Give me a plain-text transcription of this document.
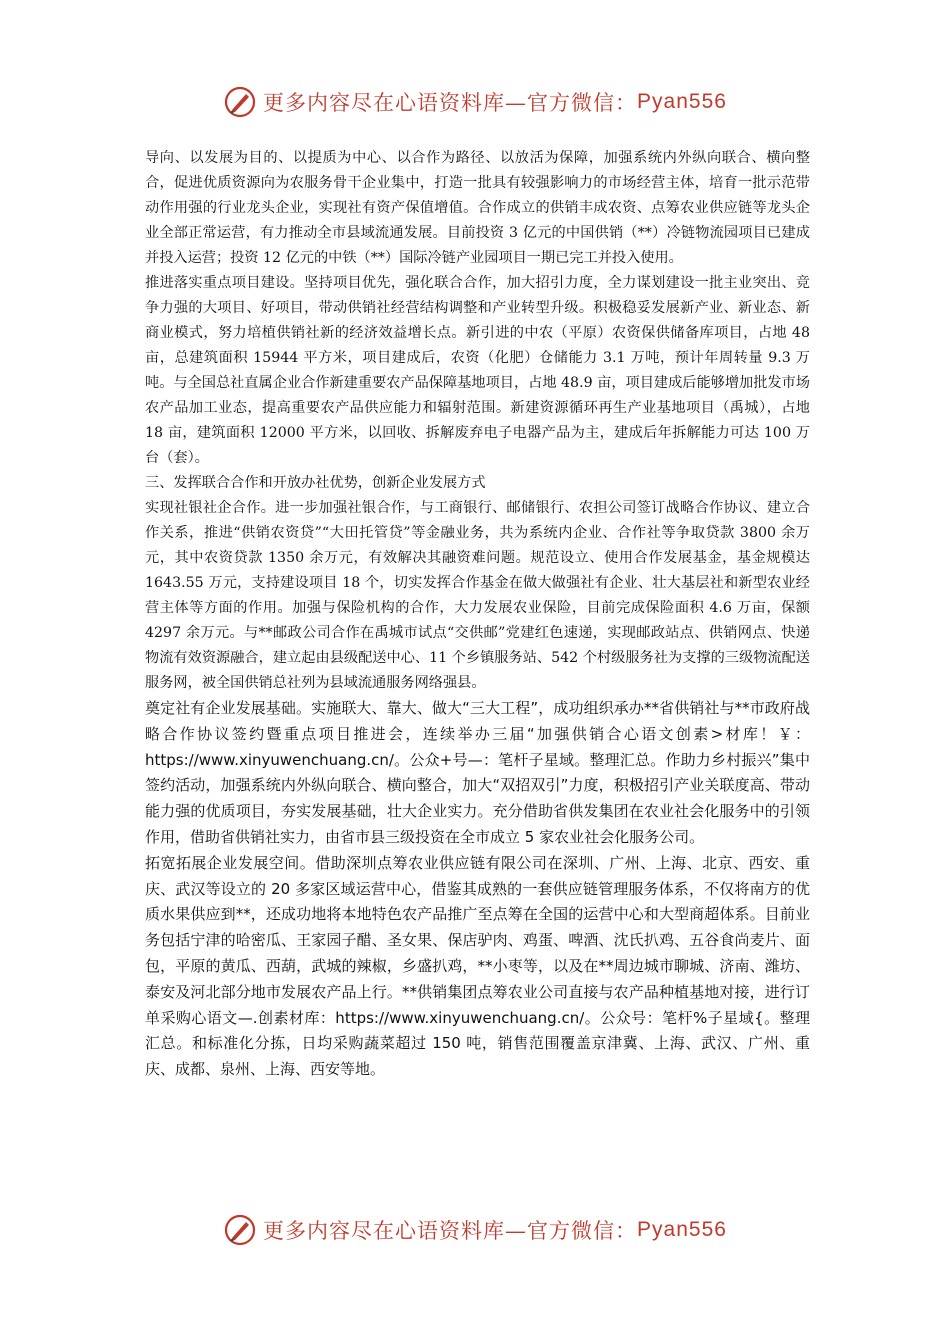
更多内容尽在心语资料库—官方微信： Pyan556

导向、以发展为目的、以提质为中心、以合作为路径、以放活为保障，加强系统内外纵向联合、横向整合，促进优质资源向为农服务骨干企业集中，打造一批具有较强影响力的市场经营主体，培育一批示范带动作用强的行业龙头企业，实现社有资产保值增值。合作成立的供销丰成农资、点筹农业供应链等龙头企业全部正常运营，有力推动全市县域流通发展。目前投资 3 亿元的中国供销（**）冷链物流园项目已建成并投入运营；投资 12 亿元的中铁（**）国际冷链产业园项目一期已完工并投入使用。

推进落实重点项目建设。坚持项目优先，强化联合合作，加大招引力度，全力谋划建设一批主业突出、竞争力强的大项目、好项目，带动供销社经营结构调整和产业转型升级。积极稳妥发展新产业、新业态、新商业模式，努力培植供销社新的经济效益增长点。新引进的中农（平原）农资保供储备库项目，占地 48 亩，总建筑面积 15944 平方米，项目建成后，农资（化肥）仓储能力 3.1 万吨，预计年周转量 9.3 万吨。与全国总社直属企业合作新建重要农产品保障基地项目，占地 48.9 亩，项目建成后能够增加批发市场农产品加工业态，提高重要农产品供应能力和辐射范围。新建资源循环再生产业基地项目（禹城），占地 18 亩，建筑面积 12000 平方米，以回收、拆解废弃电子电器产品为主，建成后年拆解能力可达 100 万台（套）。

三、发挥联合合作和开放办社优势，创新企业发展方式

实现社银社企合作。进一步加强社银合作，与工商银行、邮储银行、农担公司签订战略合作协议、建立合作关系，推进“供销农资贷”“大田托管贷”等金融业务，共为系统内企业、合作社等争取贷款 3800 余万元，其中农资贷款 1350 余万元，有效解决其融资难问题。规范设立、使用合作发展基金，基金规模达 1643.55 万元，支持建设项目 18 个，切实发挥合作基金在做大做强社有企业、壮大基层社和新型农业经营主体等方面的作用。加强与保险机构的合作，大力发展农业保险，目前完成保险面积 4.6 万亩，保额 4297 余万元。与**邮政公司合作在禹城市试点“交供邮”党建红色速递，实现邮政站点、供销网点、快递物流有效资源融合，建立起由县级配送中心、11 个乡镇服务站、542 个村级服务社为支撑的三级物流配送服务网，被全国供销总社列为县域流通服务网络强县。

奠定社有企业发展基础。实施联大、靠大、做大“三大工程”，成功组织承办**省供销社与**市政府战略合作协议签约暨重点项目推进会，连续举办三届“加强供销合心语文创素>材库！￥：https://www.xinyuwenchuang.cn/。公众+号—：笔杆子星域。整理汇总。作助力乡村振兴”集中签约活动，加强系统内外纵向联合、横向整合，加大“双招双引”力度，积极招引产业关联度高、带动能力强的优质项目，夯实发展基础，壮大企业实力。充分借助省供发集团在农业社会化服务中的引领作用，借助省供销社实力，由省市县三级投资在全市成立 5 家农业社会化服务公司。

拓宽拓展企业发展空间。借助深圳点筹农业供应链有限公司在深圳、广州、上海、北京、西安、重庆、武汉等设立的 20 多家区域运营中心，借鉴其成熟的一套供应链管理服务体系，不仅将南方的优质水果供应到**，还成功地将本地特色农产品推广至点筹在全国的运营中心和大型商超体系。目前业务包括宁津的哈密瓜、王家园子醋、圣女果、保店驴肉、鸡蛋、啤酒、沈氏扒鸡、五谷食尚麦片、面包，平原的黄瓜、西葫，武城的辣椒，乡盛扒鸡，**小枣等，以及在**周边城市聊城、济南、潍坊、泰安及河北部分地市发展农产品上行。**供销集团点筹农业公司直接与农产品种植基地对接，进行订单采购心语文—.创素材库：https://www.xinyuwenchuang.cn/。公众号：笔杆%子星域{。整理汇总。和标准化分拣，日均采购蔬菜超过 150 吨，销售范围覆盖京津冀、上海、武汉、广州、重庆、成都、泉州、上海、西安等地。

更多内容尽在心语资料库—官方微信： Pyan556
